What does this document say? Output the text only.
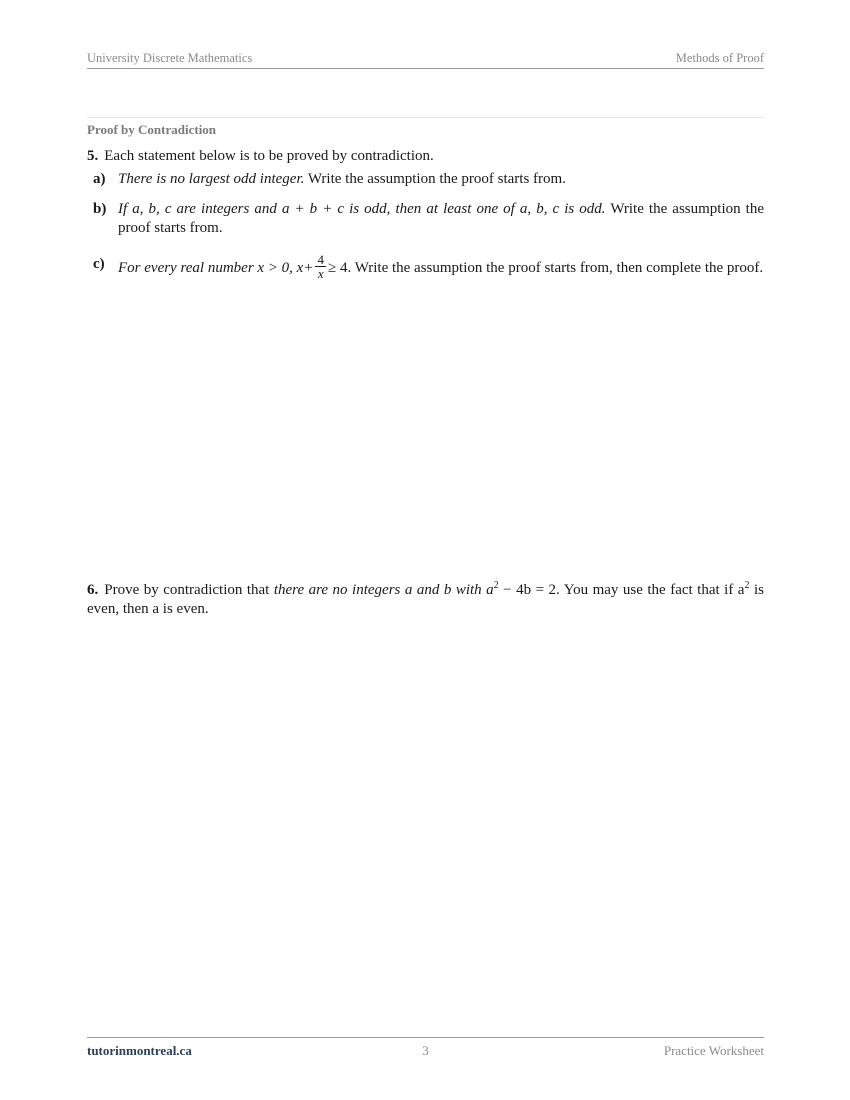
University Discrete Mathematics	Methods of Proof
Proof by Contradiction
5. Each statement below is to be proved by contradiction.
a) There is no largest odd integer. Write the assumption the proof starts from.
b) If a, b, c are integers and a + b + c is odd, then at least one of a, b, c is odd. Write the assumption the proof starts from.
c) For every real number x > 0, $x+ \frac{4}{x} \ge 4$. Write the assumption the proof starts from, then complete the proof.
6. Prove by contradiction that there are no integers a and b with $a^2 - 4b = 2$. You may use the fact that if $a^2$ is even, then a is even.
tutorinmontreal.ca	3	Practice Worksheet
